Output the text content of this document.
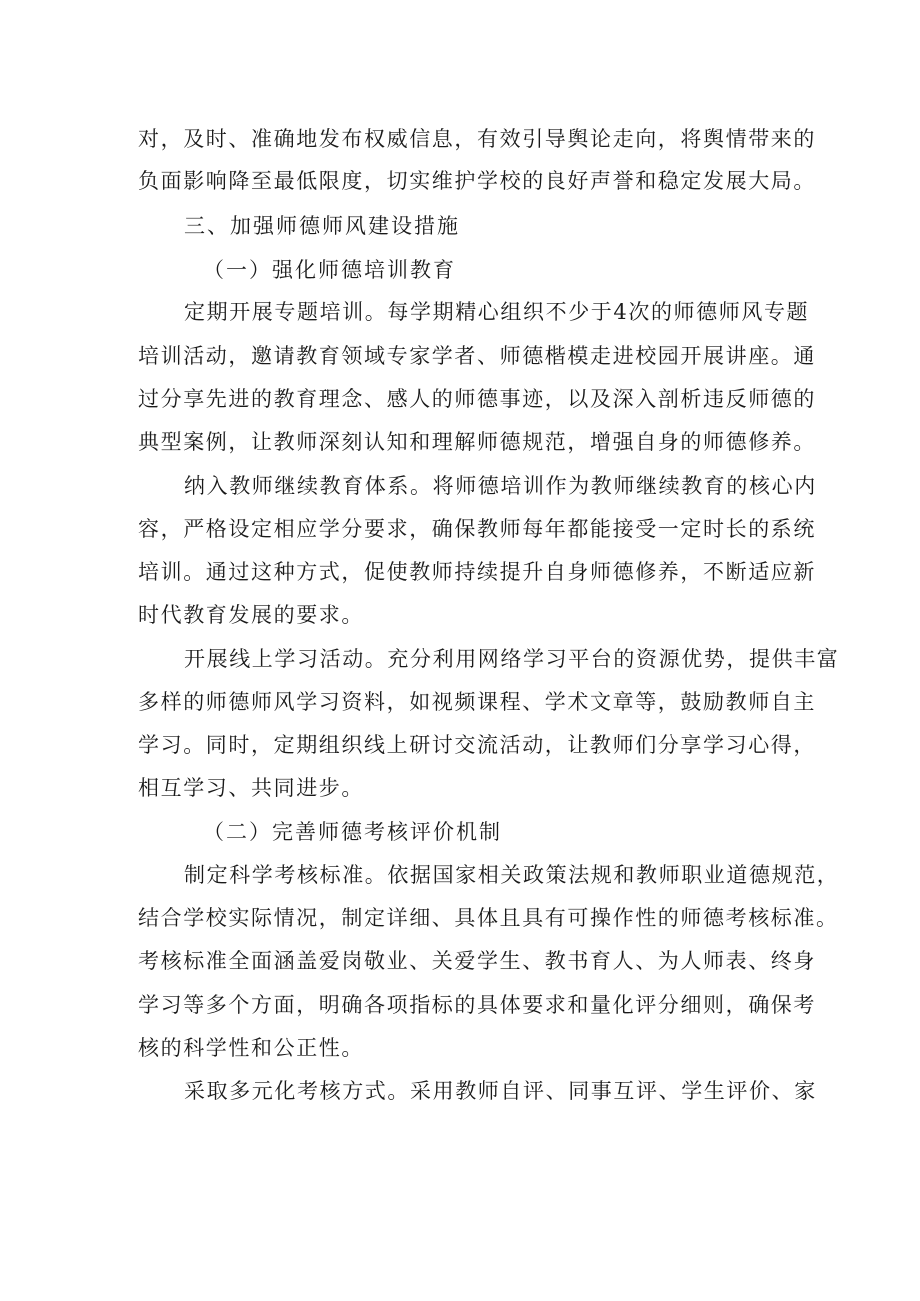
对，及时、准确地发布权威信息，有效引导舆论走向，将舆情带来的
负面影响降至最低限度，切实维护学校的良好声誉和稳定发展大局。
三、加强师德师风建设措施
（一）强化师德培训教育
定期开展专题培训。每学期精心组织不少于4次的师德师风专题
培训活动，邀请教育领域专家学者、师德楷模走进校园开展讲座。通
过分享先进的教育理念、感人的师德事迹，以及深入剖析违反师德的
典型案例，让教师深刻认知和理解师德规范，增强自身的师德修养。
纳入教师继续教育体系。将师德培训作为教师继续教育的核心内
容，严格设定相应学分要求，确保教师每年都能接受一定时长的系统
培训。通过这种方式，促使教师持续提升自身师德修养，不断适应新
时代教育发展的要求。
开展线上学习活动。充分利用网络学习平台的资源优势，提供丰富
多样的师德师风学习资料，如视频课程、学术文章等，鼓励教师自主
学习。同时，定期组织线上研讨交流活动，让教师们分享学习心得，
相互学习、共同进步。
（二）完善师德考核评价机制
制定科学考核标准。依据国家相关政策法规和教师职业道德规范，
结合学校实际情况，制定详细、具体且具有可操作性的师德考核标准。
考核标准全面涵盖爱岗敬业、关爱学生、教书育人、为人师表、终身
学习等多个方面，明确各项指标的具体要求和量化评分细则，确保考
核的科学性和公正性。
采取多元化考核方式。采用教师自评、同事互评、学生评价、家
